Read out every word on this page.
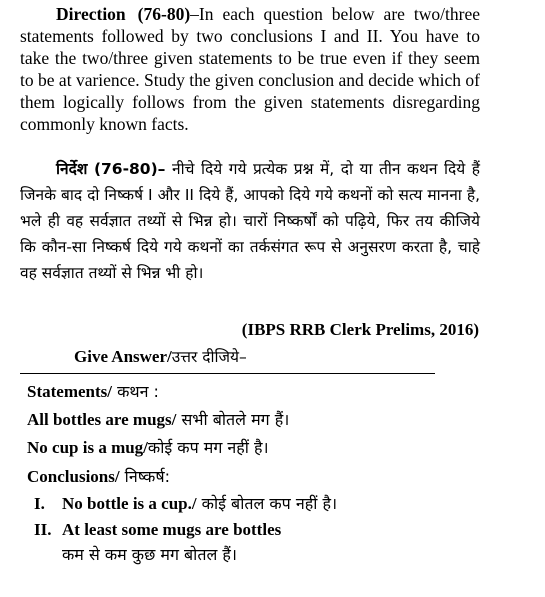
Direction (76-80)–In each question below are two/three statements followed by two conclusions I and II. You have to take the two/three given statements to be true even if they seem to be at varience. Study the given conclusion and decide which of them logically follows from the given statements disregarding commonly known facts.

निर्देश (76-80)– नीचे दिये गये प्रत्येक प्रश्न में, दो या तीन कथन दिये हैं जिनके बाद दो निष्कर्ष I और II दिये हैं, आपको दिये गये कथनों को सत्य मानना है, भले ही वह सर्वज्ञात तथ्यों से भिन्न हो। चारों निष्कर्षों को पढ़िये, फिर तय कीजिये कि कौन-सा निष्कर्ष दिये गये कथनों का तर्कसंगत रूप से अनुसरण करता है, चाहे वह सर्वज्ञात तथ्यों से भिन्न भी हो।

(IBPS RRB Clerk Prelims, 2016)
Give Answer/उत्तर दीजिये–
Statements/ कथन :
All bottles are mugs/ सभी बोतले मग हैं।
No cup is a mug/कोई कप मग नहीं है।
Conclusions/ निष्कर्ष:
I. No bottle is a cup./ कोई बोतल कप नहीं है।
II. At least some mugs are bottles
कम से कम कुछ मग बोतल हैं।
